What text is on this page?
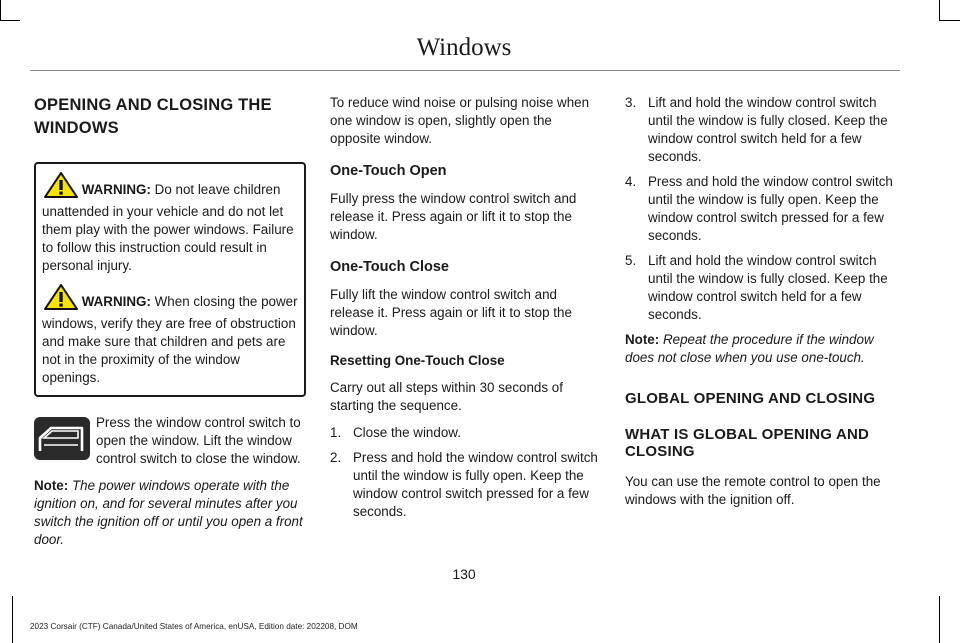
Windows
OPENING AND CLOSING THE WINDOWS

WARNING: Do not leave children unattended in your vehicle and do not let them play with the power windows. Failure to follow this instruction could result in personal injury.

WARNING: When closing the power windows, verify they are free of obstruction and make sure that children and pets are not in the proximity of the window openings.

Press the window control switch to open the window. Lift the window control switch to close the window.

Note: The power windows operate with the ignition on, and for several minutes after you switch the ignition off or until you open a front door.

To reduce wind noise or pulsing noise when one window is open, slightly open the opposite window.

One-Touch Open

Fully press the window control switch and release it. Press again or lift it to stop the window.

One-Touch Close

Fully lift the window control switch and release it. Press again or lift it to stop the window.

Resetting One-Touch Close

Carry out all steps within 30 seconds of starting the sequence.

1. Close the window.
2. Press and hold the window control switch until the window is fully open. Keep the window control switch pressed for a few seconds.
3. Lift and hold the window control switch until the window is fully closed. Keep the window control switch held for a few seconds.
4. Press and hold the window control switch until the window is fully open. Keep the window control switch pressed for a few seconds.
5. Lift and hold the window control switch until the window is fully closed. Keep the window control switch held for a few seconds.

Note: Repeat the procedure if the window does not close when you use one-touch.

GLOBAL OPENING AND CLOSING
WHAT IS GLOBAL OPENING AND CLOSING

You can use the remote control to open the windows with the ignition off.

130
2023 Corsair (CTF) Canada/United States of America, enUSA, Edition date: 202208, DOM
